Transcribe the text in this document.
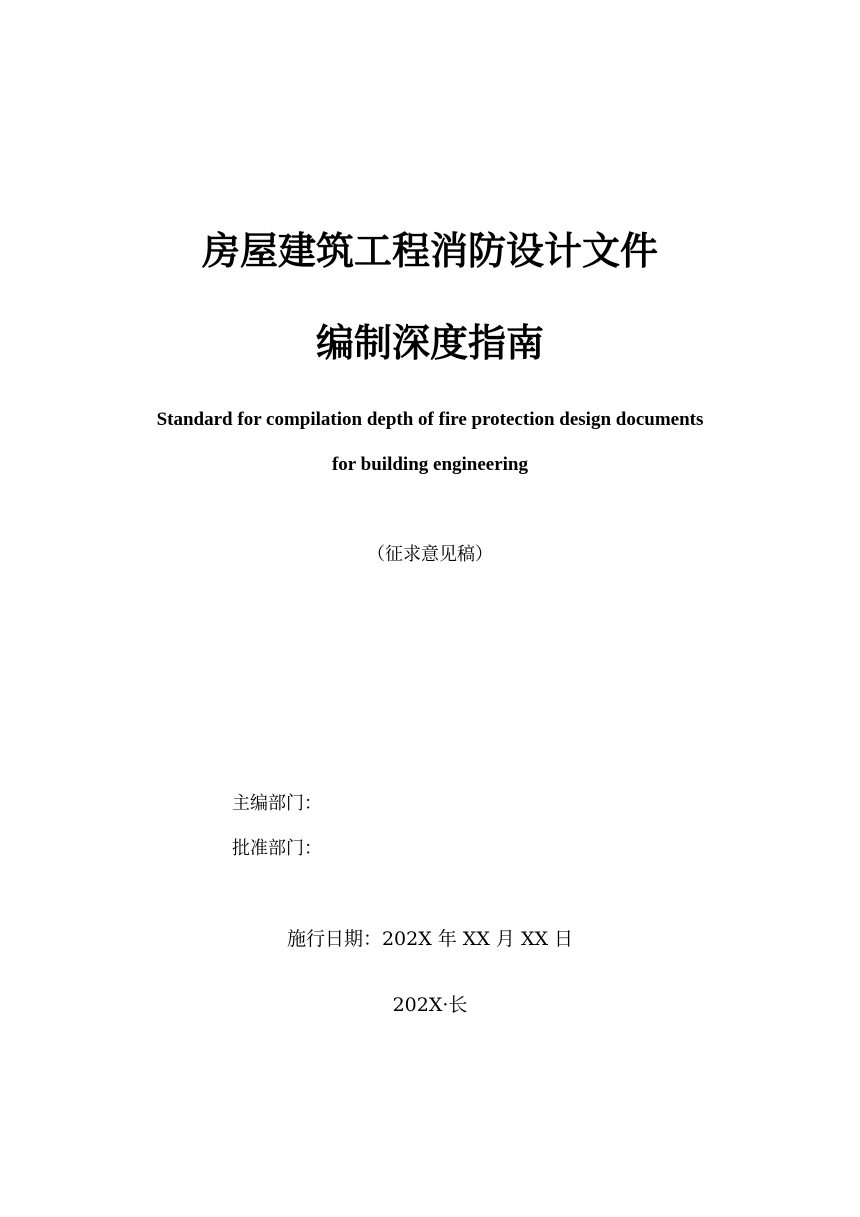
房屋建筑工程消防设计文件
编制深度指南
Standard for compilation depth of fire protection design documents
for building engineering
（征求意见稿）
主编部门：
批准部门：
施行日期：202X 年 XX 月 XX 日
202X·长
